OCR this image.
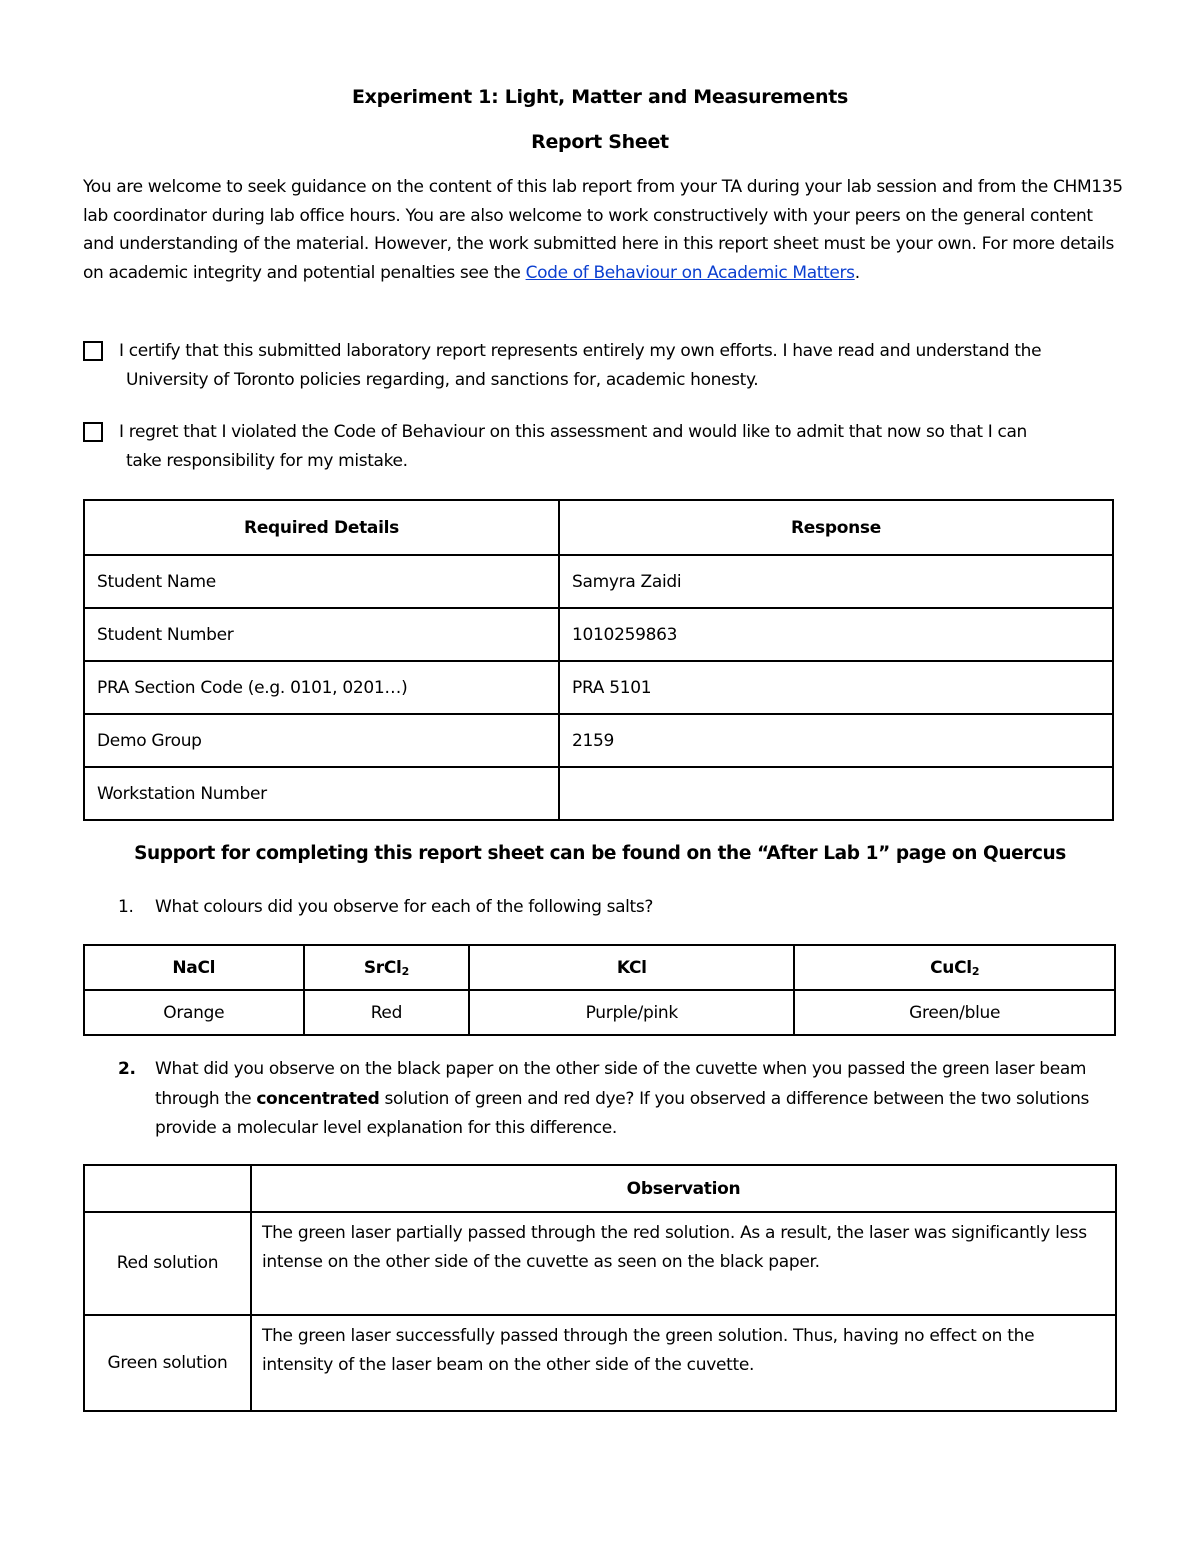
Experiment 1: Light, Matter and Measurements
Report Sheet
You are welcome to seek guidance on the content of this lab report from your TA during your lab session and from the CHM135 lab coordinator during lab office hours. You are also welcome to work constructively with your peers on the general content and understanding of the material. However, the work submitted here in this report sheet must be your own. For more details on academic integrity and potential penalties see the Code of Behaviour on Academic Matters.
I certify that this submitted laboratory report represents entirely my own efforts. I have read and understand the
University of Toronto policies regarding, and sanctions for, academic honesty.
I regret that I violated the Code of Behaviour on this assessment and would like to admit that now so that I can
take responsibility for my mistake.
Required Details	Response
Student Name	Samyra Zaidi
Student Number	1010259863
PRA Section Code (e.g. 0101, 0201…)	PRA 5101
Demo Group	2159
Workstation Number	
Support for completing this report sheet can be found on the “After Lab 1” page on Quercus
1.	What colours did you observe for each of the following salts?
NaCl	SrCl$_2$	KCl	CuCl$_2$
Orange	Red	Purple/pink	Green/blue
2.	What did you observe on the black paper on the other side of the cuvette when you passed the green laser beam through the concentrated solution of green and red dye? If you observed a difference between the two solutions provide a molecular level explanation for this difference.
	Observation
Red solution	The green laser partially passed through the red solution. As a result, the laser was significantly less intense on the other side of the cuvette as seen on the black paper.
Green solution	The green laser successfully passed through the green solution. Thus, having no effect on the intensity of the laser beam on the other side of the cuvette.
